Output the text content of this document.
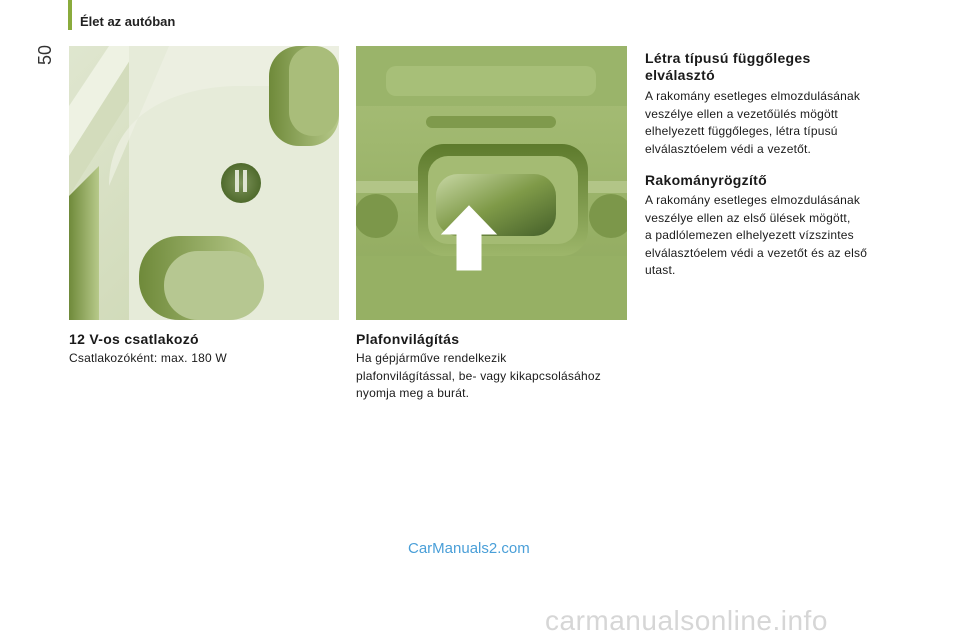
50
Élet az autóban
12 V-os csatlakozó

Csatlakozóként: max. 180 W

Plafonvilágítás

Ha gépjárműve rendelkezik
plafonvilágítással, be- vagy kikapcsolásához
nyomja meg a burát.

Létra típusú függőleges
elválasztó

A rakomány esetleges elmozdulásának
veszélye ellen a vezetőülés mögött
elhelyezett függőleges, létra típusú
elválasztóelem védi a vezetőt.

Rakományrögzítő

A rakomány esetleges elmozdulásának
veszélye ellen az első ülések mögött,
a padlólemezen elhelyezett vízszintes
elválasztóelem védi a vezetőt és az első
utast.

CarManuals2.com
carmanualsonline.info
